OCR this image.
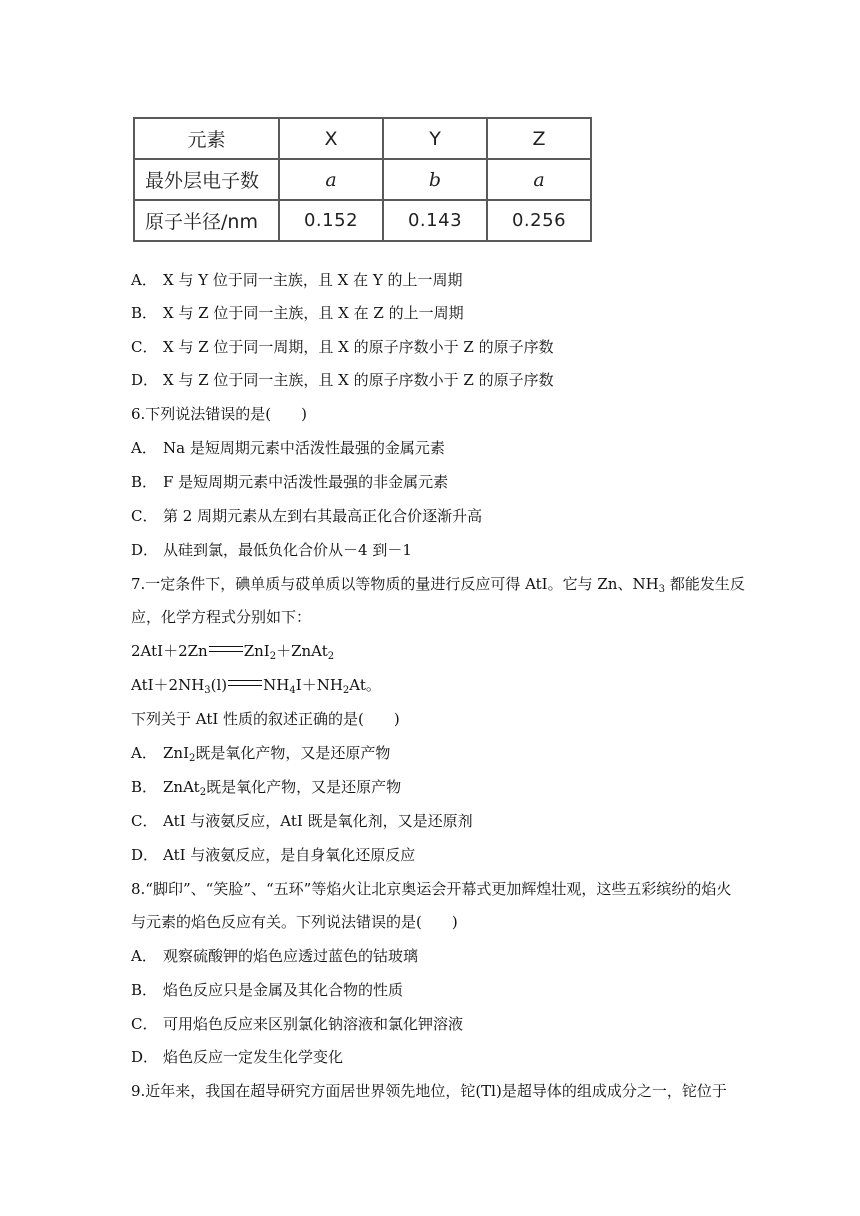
元素	X	Y	Z
最外层电子数	a	b	a
原子半径/nm	0.152	0.143	0.256
A． X 与 Y 位于同一主族，且 X 在 Y 的上一周期
B． X 与 Z 位于同一主族，且 X 在 Z 的上一周期
C． X 与 Z 位于同一周期，且 X 的原子序数小于 Z 的原子序数
D． X 与 Z 位于同一主族，且 X 的原子序数小于 Z 的原子序数
6.下列说法错误的是(　　)
A． Na 是短周期元素中活泼性最强的金属元素
B． F 是短周期元素中活泼性最强的非金属元素
C． 第 2 周期元素从左到右其最高正化合价逐渐升高
D． 从硅到氯，最低负化合价从－4 到－1
7.一定条件下，碘单质与砹单质以等物质的量进行反应可得 AtI。它与 Zn、$NH_3$ 都能发生反
应，化学方程式分别如下：
2AtI＋2Zn ZnI$_2$＋ZnAt$_2$
$AtI+2NH_3(l)$ $NH_4I+NH_2At$。
下列关于 AtI 性质的叙述正确的是(　　)
A． ZnI$_2$既是氧化产物，又是还原产物
B． ZnAt$_2$既是氧化产物，又是还原产物
C． AtI 与液氨反应，AtI 既是氧化剂，又是还原剂
D． AtI 与液氨反应，是自身氧化还原反应
8.“脚印”、“笑脸”、“五环”等焰火让北京奥运会开幕式更加辉煌壮观，这些五彩缤纷的焰火
与元素的焰色反应有关。下列说法错误的是(　　)
A． 观察硫酸钾的焰色应透过蓝色的钴玻璃
B． 焰色反应只是金属及其化合物的性质
C． 可用焰色反应来区别氯化钠溶液和氯化钾溶液
D． 焰色反应一定发生化学变化
9.近年来，我国在超导研究方面居世界领先地位，铊(Tl)是超导体的组成成分之一，铊位于
